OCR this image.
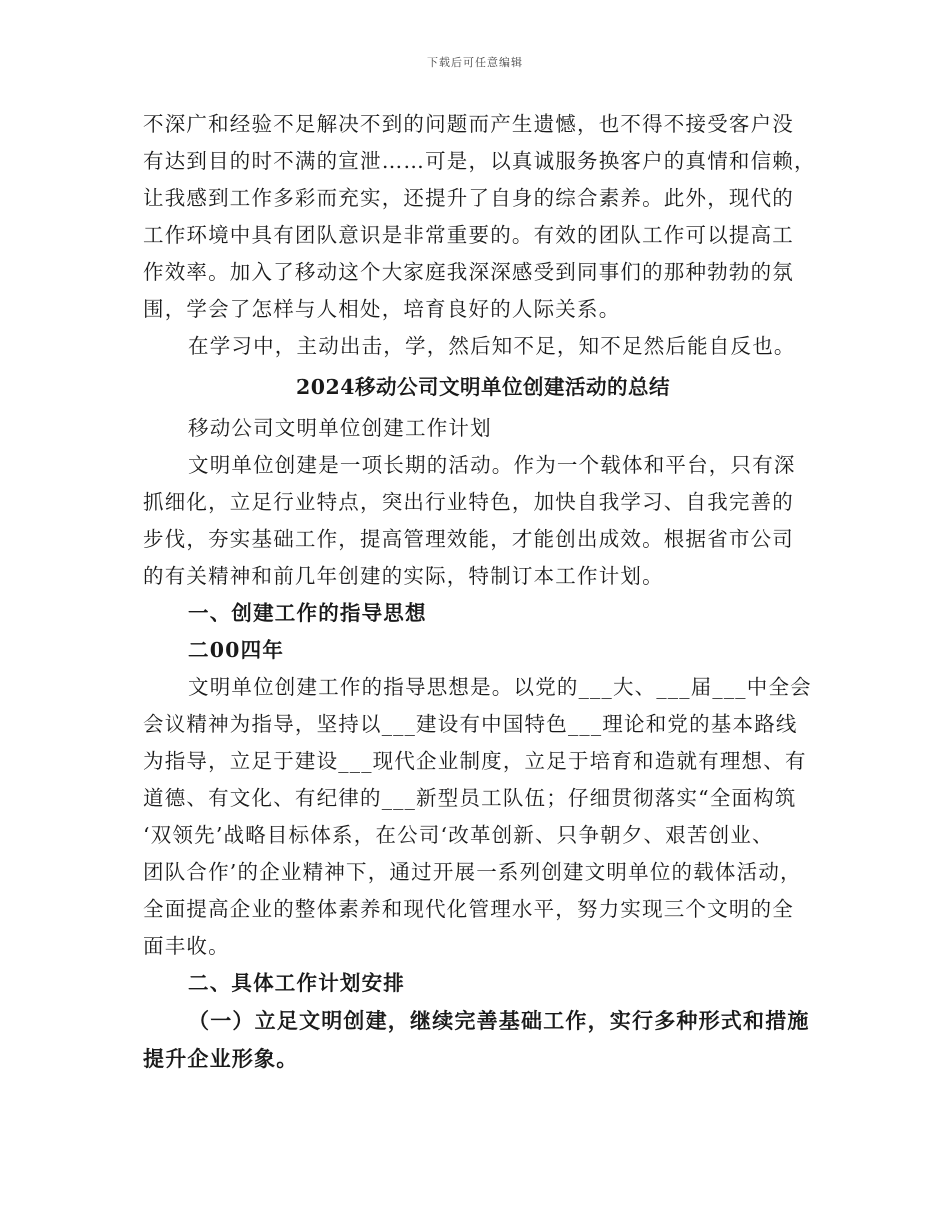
下载后可任意编辑

不深广和经验不足解决不到的问题而产生遗憾，也不得不接受客户没

有达到目的时不满的宣泄……可是，以真诚服务换客户的真情和信赖，

让我感到工作多彩而充实，还提升了自身的综合素养。此外，现代的

工作环境中具有团队意识是非常重要的。有效的团队工作可以提高工

作效率。加入了移动这个大家庭我深深感受到同事们的那种勃勃的氛

围，学会了怎样与人相处，培育良好的人际关系。

在学习中，主动出击，学，然后知不足，知不足然后能自反也。

2024移动公司文明单位创建活动的总结

移动公司文明单位创建工作计划

文明单位创建是一项长期的活动。作为一个载体和平台，只有深

抓细化，立足行业特点，突出行业特色，加快自我学习、自我完善的

步伐，夯实基础工作，提高管理效能，才能创出成效。根据省市公司

的有关精神和前几年创建的实际，特制订本工作计划。

一、创建工作的指导思想

二00四年

文明单位创建工作的指导思想是。以党的___大、___届___中全会

会议精神为指导，坚持以___建设有中国特色___理论和党的基本路线

为指导，立足于建设___现代企业制度，立足于培育和造就有理想、有

道德、有文化、有纪律的___新型员工队伍；仔细贯彻落实“全面构筑

‘双领先’战略目标体系，在公司‘改革创新、只争朝夕、艰苦创业、

团队合作’的企业精神下，通过开展一系列创建文明单位的载体活动，

全面提高企业的整体素养和现代化管理水平，努力实现三个文明的全

面丰收。

二、具体工作计划安排

（一）立足文明创建，继续完善基础工作，实行多种形式和措施

提升企业形象。
